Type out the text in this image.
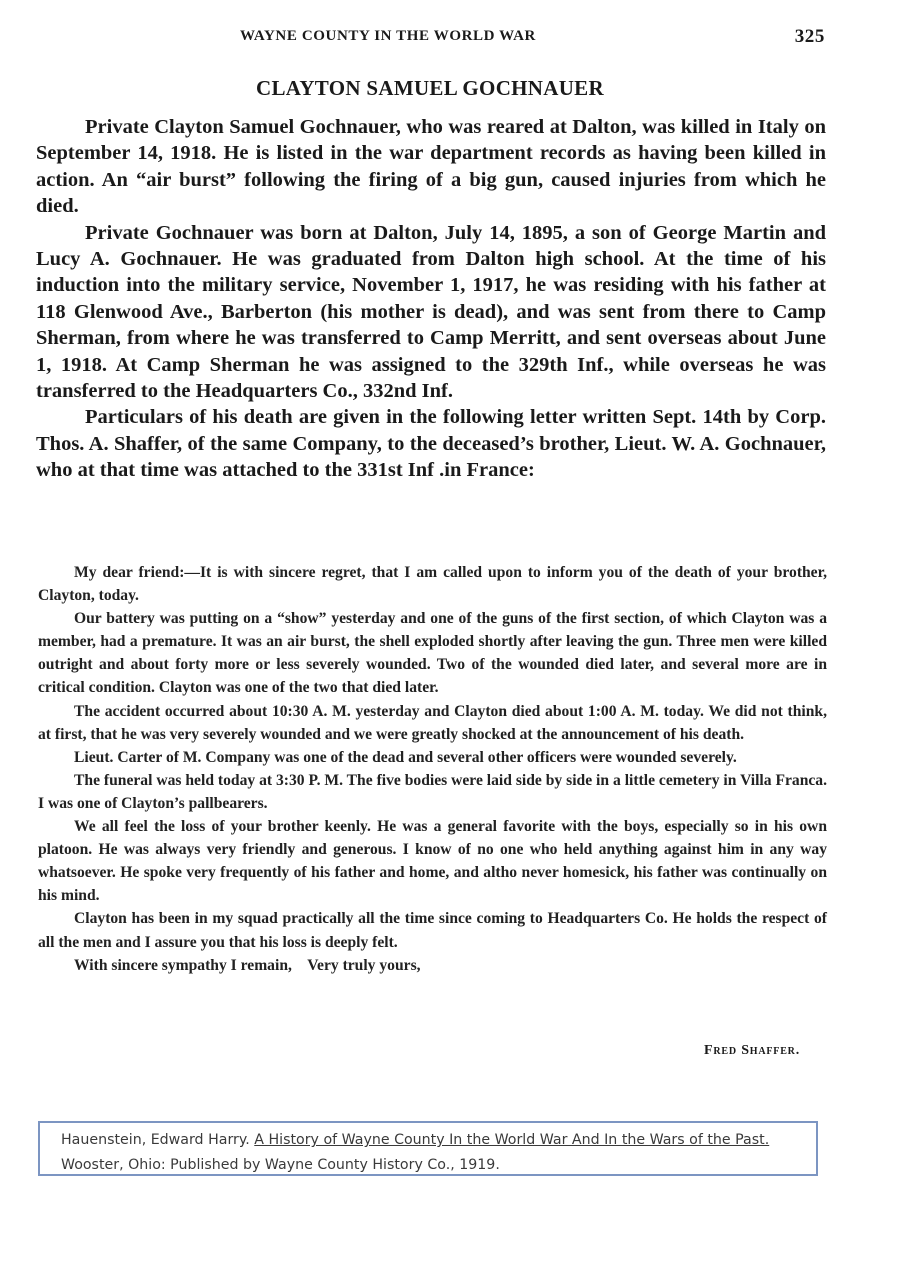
WAYNE COUNTY IN THE WORLD WAR	325
CLAYTON SAMUEL GOCHNAUER

Private Clayton Samuel Gochnauer, who was reared at Dalton, was killed in Italy on September 14, 1918. He is listed in the war department records as having been killed in action. An “air burst” following the firing of a big gun, caused injuries from which he died.

Private Gochnauer was born at Dalton, July 14, 1895, a son of George Martin and Lucy A. Gochnauer. He was graduated from Dalton high school. At the time of his induction into the military service, November 1, 1917, he was residing with his father at 118 Glenwood Ave., Barberton (his mother is dead), and was sent from there to Camp Sherman, from where he was transferred to Camp Merritt, and sent overseas about June 1, 1918. At Camp Sherman he was assigned to the 329th Inf., while overseas he was transferred to the Headquarters Co., 332nd Inf.

Particulars of his death are given in the following letter written Sept. 14th by Corp. Thos. A. Shaffer, of the same Company, to the deceased’s brother, Lieut. W. A. Gochnauer, who at that time was attached to the 331st Inf .in France:

My dear friend:—It is with sincere regret, that I am called upon to inform you of the death of your brother, Clayton, today.

Our battery was putting on a “show” yesterday and one of the guns of the first section, of which Clayton was a member, had a premature. It was an air burst, the shell exploded shortly after leaving the gun. Three men were killed outright and about forty more or less severely wounded. Two of the wounded died later, and several more are in critical condition. Clayton was one of the two that died later.

The accident occurred about 10:30 A. M. yesterday and Clayton died about 1:00 A. M. today. We did not think, at first, that he was very severely wounded and we were greatly shocked at the announcement of his death.

Lieut. Carter of M. Company was one of the dead and several other officers were wounded severely.

The funeral was held today at 3:30 P. M. The five bodies were laid side by side in a little cemetery in Villa Franca. I was one of Clayton’s pallbearers.

We all feel the loss of your brother keenly. He was a general favorite with the boys, especially so in his own platoon. He was always very friendly and generous. I know of no one who held anything against him in any way whatsoever. He spoke very frequently of his father and home, and altho never homesick, his father was continually on his mind.

Clayton has been in my squad practically all the time since coming to Headquarters Co. He holds the respect of all the men and I assure you that his loss is deeply felt.

With sincere sympathy I remain,    Very truly yours,

Fred Shaffer.
Hauenstein, Edward Harry. A History of Wayne County In the World War And In the Wars of the Past. Wooster, Ohio: Published by Wayne County History Co., 1919.
